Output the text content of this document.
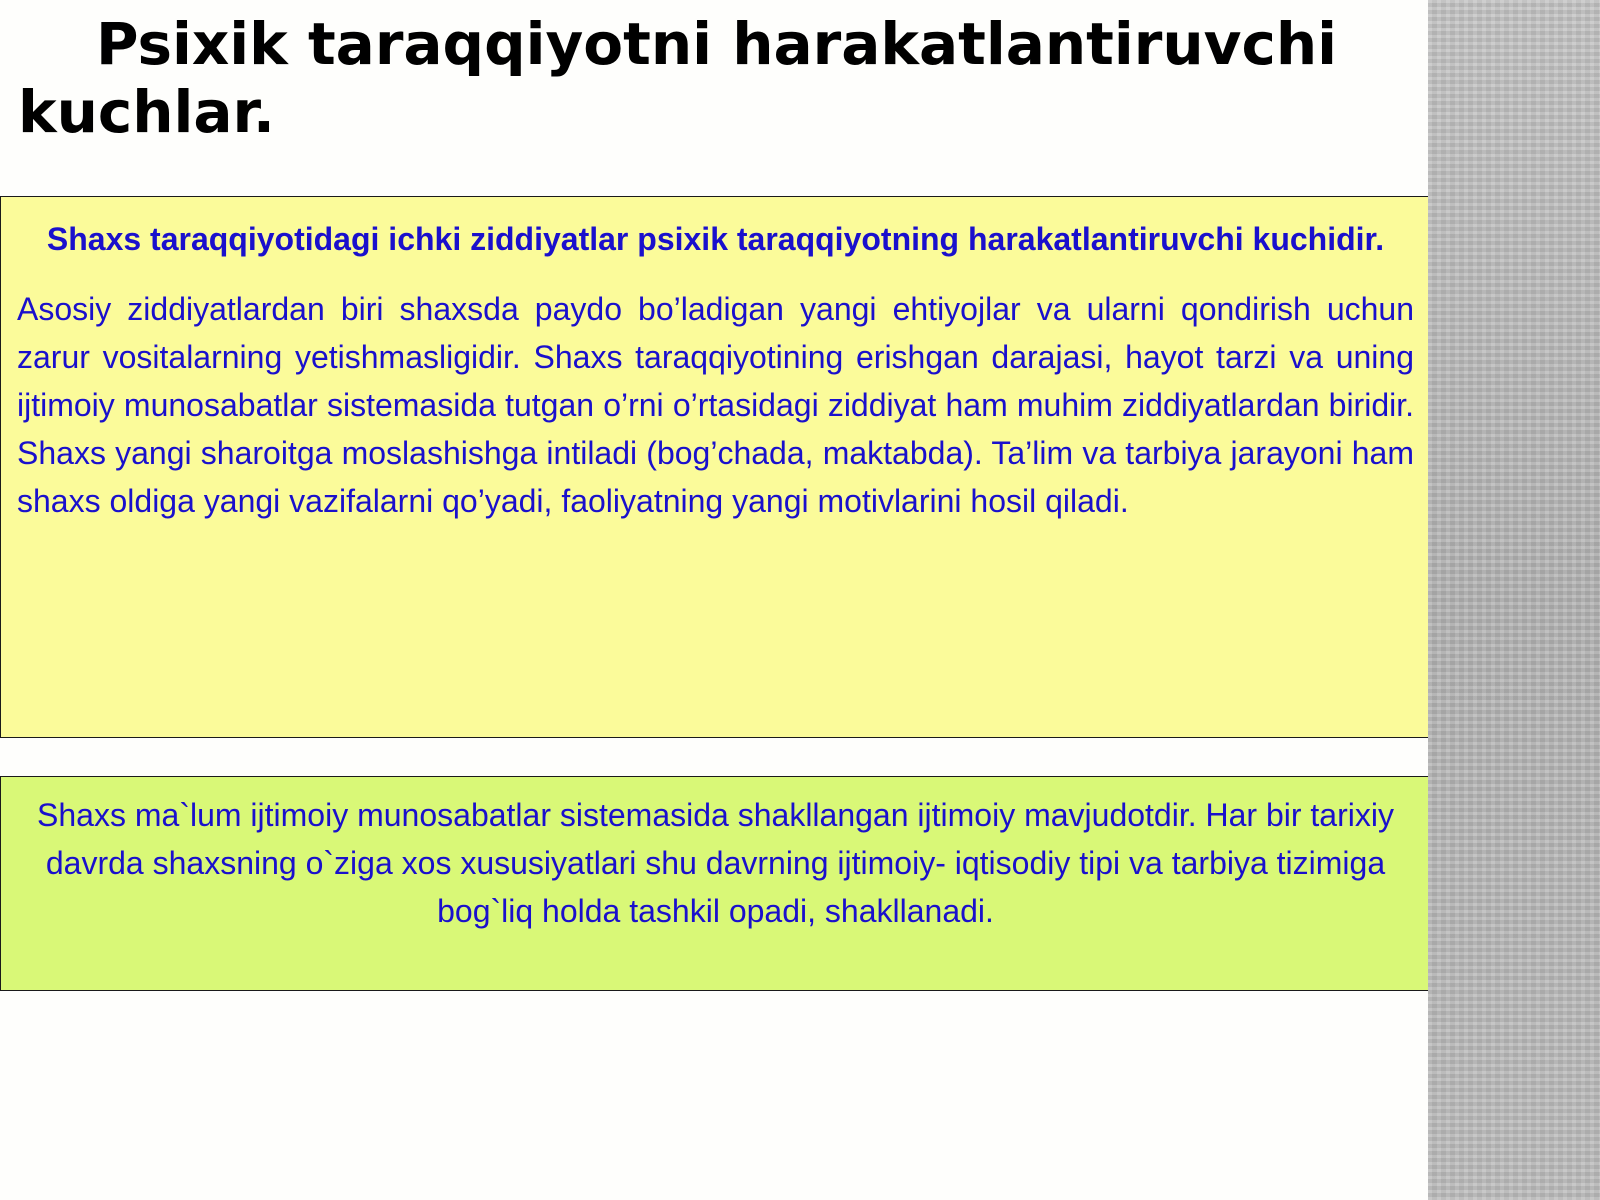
Psixik taraqqiyotni harakatlantiruvchi kuchlar.

Shaxs taraqqiyotidagi ichki ziddiyatlar psixik taraqqiyotning harakatlantiruvchi kuchidir.

Asosiy ziddiyatlardan biri shaxsda paydo bo’ladigan yangi ehtiyojlar va ularni qondirish uchun zarur vositalarning yetishmasligidir. Shaxs taraqqiyotining erishgan darajasi, hayot tarzi va uning ijtimoiy munosabatlar sistemasida tutgan o’rni o’rtasidagi ziddiyat ham muhim ziddiyatlardan biridir. Shaxs yangi sharoitga moslashishga intiladi (bog’chada, maktabda). Ta’lim va tarbiya jarayoni ham shaxs oldiga yangi vazifalarni qo’yadi, faoliyatning yangi motivlarini hosil qiladi.

Shaxs ma`lum ijtimoiy munosabatlar sistemasida shakllangan ijtimoiy mavjudotdir. Har bir tarixiy davrda shaxsning o`ziga xos xususiyatlari shu davrning ijtimoiy- iqtisodiy tipi va tarbiya tizimiga bog`liq holda tashkil opadi, shakllanadi.
